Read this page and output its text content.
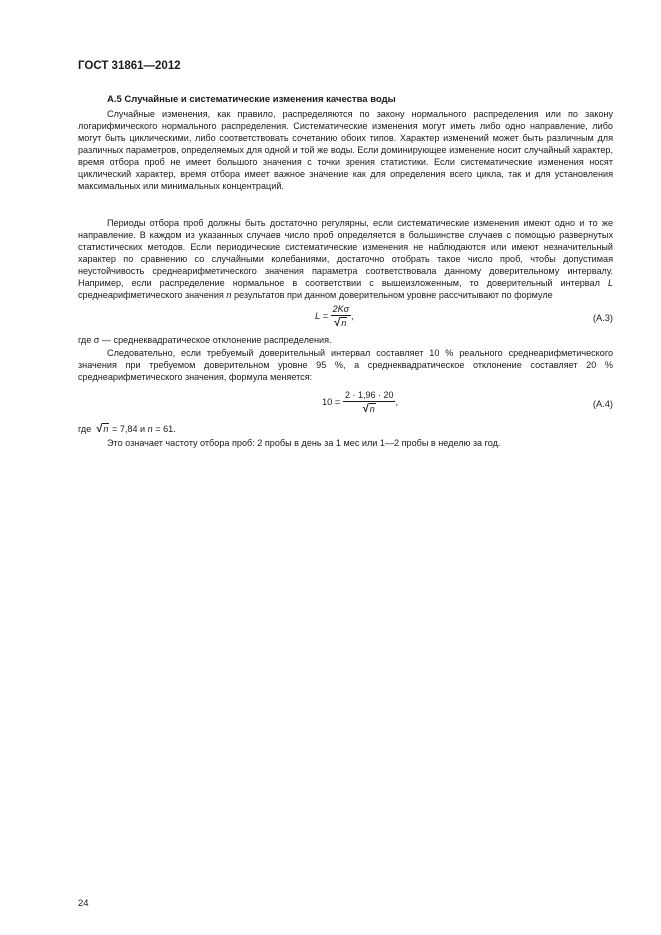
ГОСТ 31861—2012
А.5 Случайные и систематические изменения качества воды

Случайные изменения, как правило, распределяются по закону нормального распределения или по закону логарифмического нормального распределения. Систематические изменения могут иметь либо одно направление, либо могут быть циклическими, либо соответствовать сочетанию обоих типов. Характер изменений может быть различным для различных параметров, определяемых для одной и той же воды. Если доминирующее изменение носит случайный характер, время отбора проб не имеет большого значения с точки зрения статистики. Если систематические изменения носят циклический характер, время отбора имеет важное значение как для определения всего цикла, так и для установления максимальных или минимальных концентраций.

Периоды отбора проб должны быть достаточно регулярны, если систематические изменения имеют одно и то же направление. В каждом из указанных случаев число проб определяется в большинстве случаев с помощью развернутых статистических методов. Если периодические систематические изменения не наблюдаются или имеют незначительный характер по сравнению со случайными колебаниями, достаточно отобрать такое число проб, чтобы допустимая неустойчивость среднеарифметического значения параметра соответствовала данному доверительному интервалу. Например, если распределение нормальное в соответствии с вышеизложенным, то доверительный интервал L среднеарифметического значения n результатов при данном доверительном уровне рассчитывают по формуле

$L = \frac{2K\sigma}{√n}$ ,	(А.3)

где σ — среднеквадратическое отклонение распределения.

Следовательно, если требуемый доверительный интервал составляет 10 % реального среднеарифметического значения при требуемом доверительном уровне 95 %, а среднеквадратическое отклонение составляет 20 % среднеарифметического значения, формула меняется:

$10 = \frac{2 \cdot 1,96 \cdot 20}{√n}$ ,	(А.4)

где √n = 7,84 и n = 61.

Это означает частоту отбора проб: 2 пробы в день за 1 мес или 1—2 пробы в неделю за год.

24
